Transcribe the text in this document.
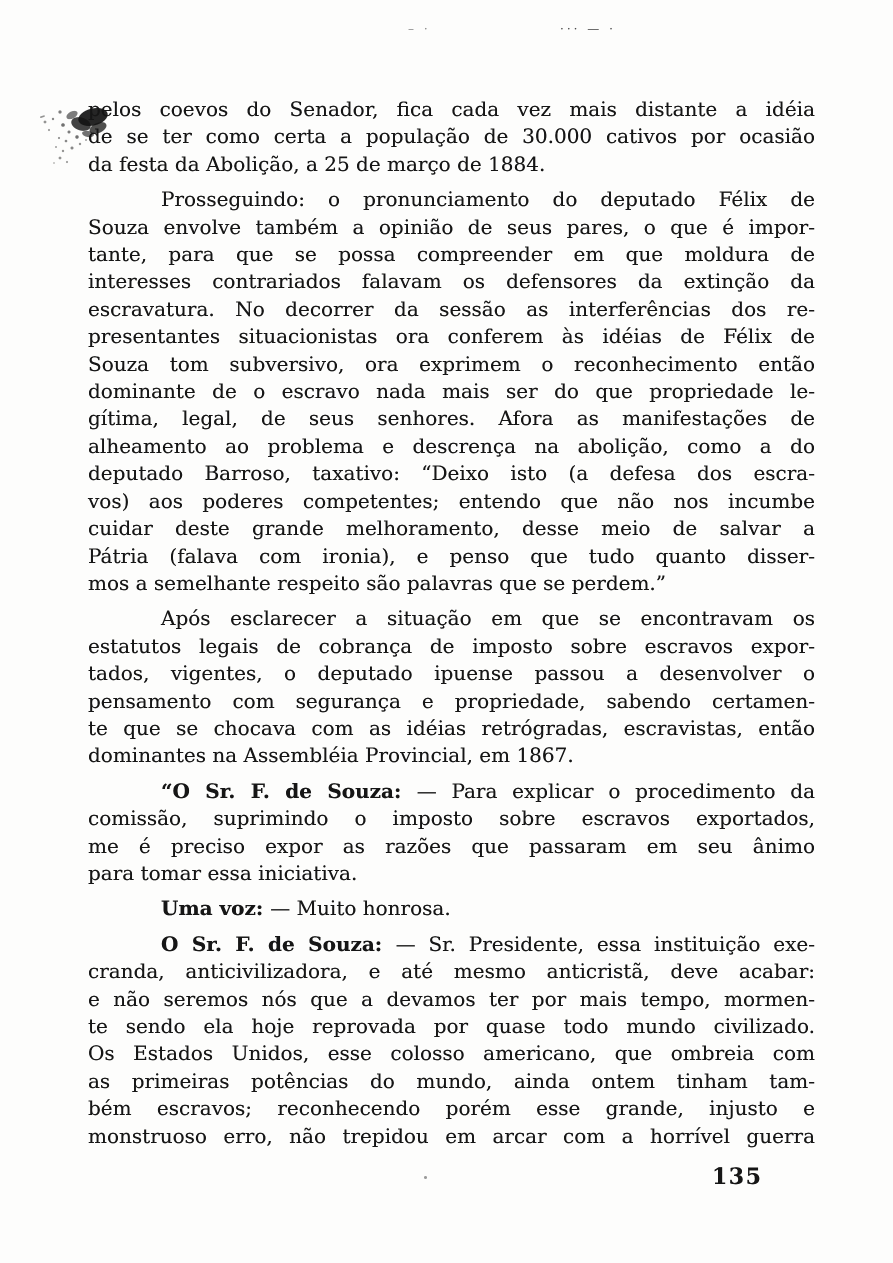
– ·	··· — ·
pelos coevos do Senador, fica cada vez mais distante a idéia
de se ter como certa a população de 30.000 cativos por ocasião
da festa da Abolição, a 25 de março de 1884.
Prosseguindo: o pronunciamento do deputado Félix de
Souza envolve também a opinião de seus pares, o que é impor-
tante, para que se possa compreender em que moldura de
interesses contrariados falavam os defensores da extinção da
escravatura. No decorrer da sessão as interferências dos re-
presentantes situacionistas ora conferem às idéias de Félix de
Souza tom subversivo, ora exprimem o reconhecimento então
dominante de o escravo nada mais ser do que propriedade le-
gítima, legal, de seus senhores. Afora as manifestações de
alheamento ao problema e descrença na abolição, como a do
deputado Barroso, taxativo: “Deixo isto (a defesa dos escra-
vos) aos poderes competentes; entendo que não nos incumbe
cuidar deste grande melhoramento, desse meio de salvar a
Pátria (falava com ironia), e penso que tudo quanto disser-
mos a semelhante respeito são palavras que se perdem.”
Após esclarecer a situação em que se encontravam os
estatutos legais de cobrança de imposto sobre escravos expor-
tados, vigentes, o deputado ipuense passou a desenvolver o
pensamento com segurança e propriedade, sabendo certamen-
te que se chocava com as idéias retrógradas, escravistas, então
dominantes na Assembléia Provincial, em 1867.
“O Sr. F. de Souza: — Para explicar o procedimento da
comissão, suprimindo o imposto sobre escravos exportados,
me é preciso expor as razões que passaram em seu ânimo
para tomar essa iniciativa.
Uma voz: — Muito honrosa.
O Sr. F. de Souza: — Sr. Presidente, essa instituição exe-
cranda, anticivilizadora, e até mesmo anticristã, deve acabar:
e não seremos nós que a devamos ter por mais tempo, mormen-
te sendo ela hoje reprovada por quase todo mundo civilizado.
Os Estados Unidos, esse colosso americano, que ombreia com
as primeiras potências do mundo, ainda ontem tinham tam-
bém escravos; reconhecendo porém esse grande, injusto e
monstruoso erro, não trepidou em arcar com a horrível guerra
135
